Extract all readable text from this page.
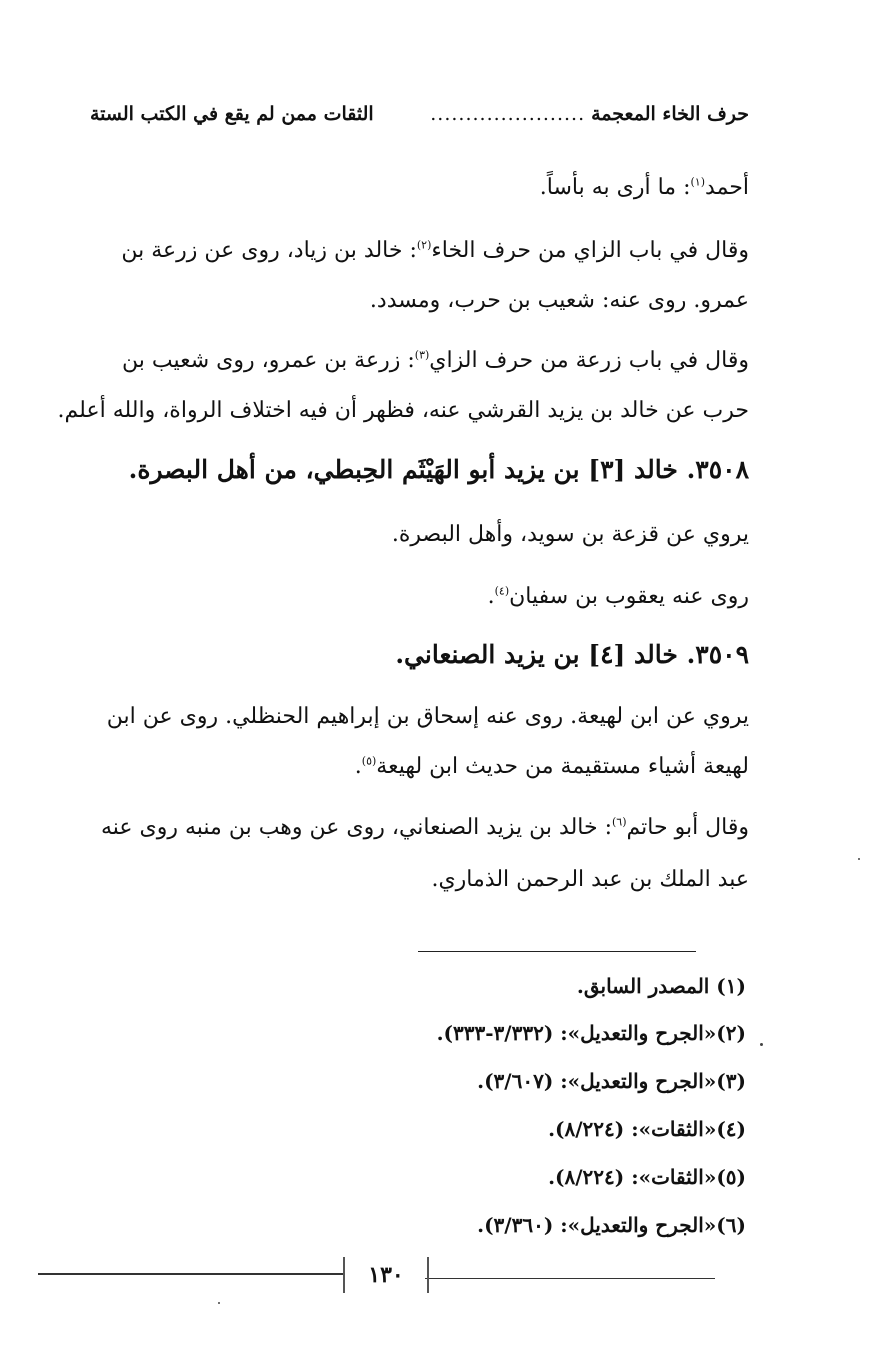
حرف الخاء المعجمة
......................
الثقات ممن لم يقع في الكتب الستة
أحمد$^{(١)}$: ما أرى به بأساً.
وقال في باب الزاي من حرف الخاء$^{(٢)}$: خالد بن زياد، روى عن زرعة بن
عمرو. روى عنه: شعيب بن حرب، ومسدد.
وقال في باب زرعة من حرف الزاي$^{(٣)}$: زرعة بن عمرو، روى شعيب بن
حرب عن خالد بن يزيد القرشي عنه، فظهر أن فيه اختلاف الرواة، والله أعلم.
٣٥٠٨. خالد [٣] بن يزيد أبو الهَيْثَم الحِبطي، من أهل البصرة.
يروي عن قزعة بن سويد، وأهل البصرة.
روى عنه يعقوب بن سفيان$^{(٤)}$.
٣٥٠٩. خالد [٤] بن يزيد الصنعاني.
يروي عن ابن لهيعة. روى عنه إسحاق بن إبراهيم الحنظلي. روى عن ابن
لهيعة أشياء مستقيمة من حديث ابن لهيعة$^{(٥)}$.
وقال أبو حاتم$^{(٦)}$: خالد بن يزيد الصنعاني، روى عن وهب بن منبه روى عنه
عبد الملك بن عبد الرحمن الذماري.
(١) المصدر السابق.
(٢)«الجرح والتعديل»: (٣/٣٣٢-٣٣٣).
(٣)«الجرح والتعديل»: (٣/٦٠٧).
(٤)«الثقات»: (٨/٢٢٤).
(٥)«الثقات»: (٨/٢٢٤).
(٦)«الجرح والتعديل»: (٣/٣٦٠).
١٣٠
